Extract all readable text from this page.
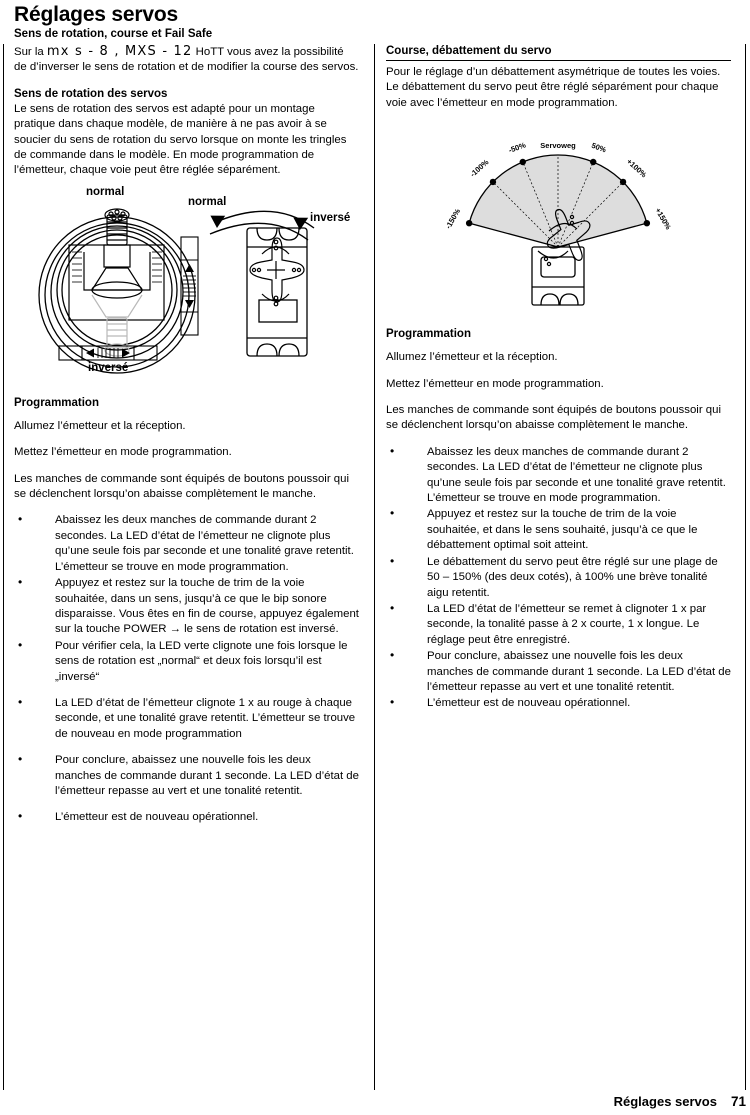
Réglages servos
Sens de rotation, course et Fail Safe

Sur la mx s - 8 , MXS - 12 HoTT vous avez la possibilité de d’inverser le sens de rotation et de modifier la course des servos.

Sens de rotation des servos

Le sens de rotation des servos est adapté pour un montage pratique dans chaque modèle, de manière à ne pas avoir à se soucier du sens de rotation du servo lorsque on monte les tringles de commande dans le modèle. En mode programmation de l’émetteur, chaque voie peut être réglée séparément.

normal
inversé
normal
inversé
Programmation

Allumez l’émetteur et la réception.

Mettez l’émetteur en mode programmation.

Les manches de commande sont équipés de boutons poussoir qui se déclenchent lorsqu’on abaisse complètement le manche.

• Abaissez les deux manches de commande durant 2 secondes. La LED d’état de l’émetteur ne clignote plus qu’une seule fois par seconde et une tonalité grave retentit. L’émetteur se trouve en mode programmation.
• Appuyez et restez sur la touche de trim de la voie souhaitée, dans un sens, jusqu’à ce que le bip sonore disparaisse. Vous êtes en fin de course, appuyez également sur la touche POWER → le sens de rotation est inversé.
• Pour vérifier cela, la LED verte clignote une fois lorsque le sens de rotation est „normal“ et deux fois lorsqu’il est „inversé“
• La LED d’état de l’émetteur clignote 1 x au rouge à chaque seconde, et une tonalité grave retentit. L’émetteur se trouve de nouveau en mode programmation
• Pour conclure, abaissez une nouvelle fois les deux manches de commande durant 1 seconde. La LED d’état de l’émetteur repasse au vert et une tonalité retentit.
• L’émetteur est de nouveau opérationnel.
Course, débattement du servo

Pour le réglage d’un débattement asymétrique de toutes les voies. Le débattement du servo peut être réglé séparément pour chaque voie avec l’émetteur en mode programmation.

-150%
-100%
-50%	50%
+100%
+150%
Servoweg
Programmation

Allumez l’émetteur et la réception.

Mettez l’émetteur en mode programmation.

Les manches de commande sont équipés de boutons poussoir qui se déclenchent lorsqu’on abaisse complètement le manche.

• Abaissez les deux manches de commande durant 2 secondes. La LED d’état de l’émetteur ne clignote plus qu’une seule fois par seconde et une tonalité grave retentit. L’émetteur se trouve en mode programmation.
• Appuyez et restez sur la touche de trim de la voie souhaitée, et dans le sens souhaité, jusqu’à ce que le débattement optimal soit atteint.
• Le débattement du servo peut être réglé sur une plage de 50 – 150% (des deux cotés), à 100% une brève tonalité aigu retentit.
• La LED d’état de l’émetteur se remet à clignoter 1 x par seconde, la tonalité passe à 2 x courte, 1 x longue. Le réglage peut être enregistré.
• Pour conclure, abaissez une nouvelle fois les deux manches de commande durant 1 seconde. La LED d’état de l’émetteur repasse au vert et une tonalité retentit.
• L’émetteur est de nouveau opérationnel.
Réglages servos 71
